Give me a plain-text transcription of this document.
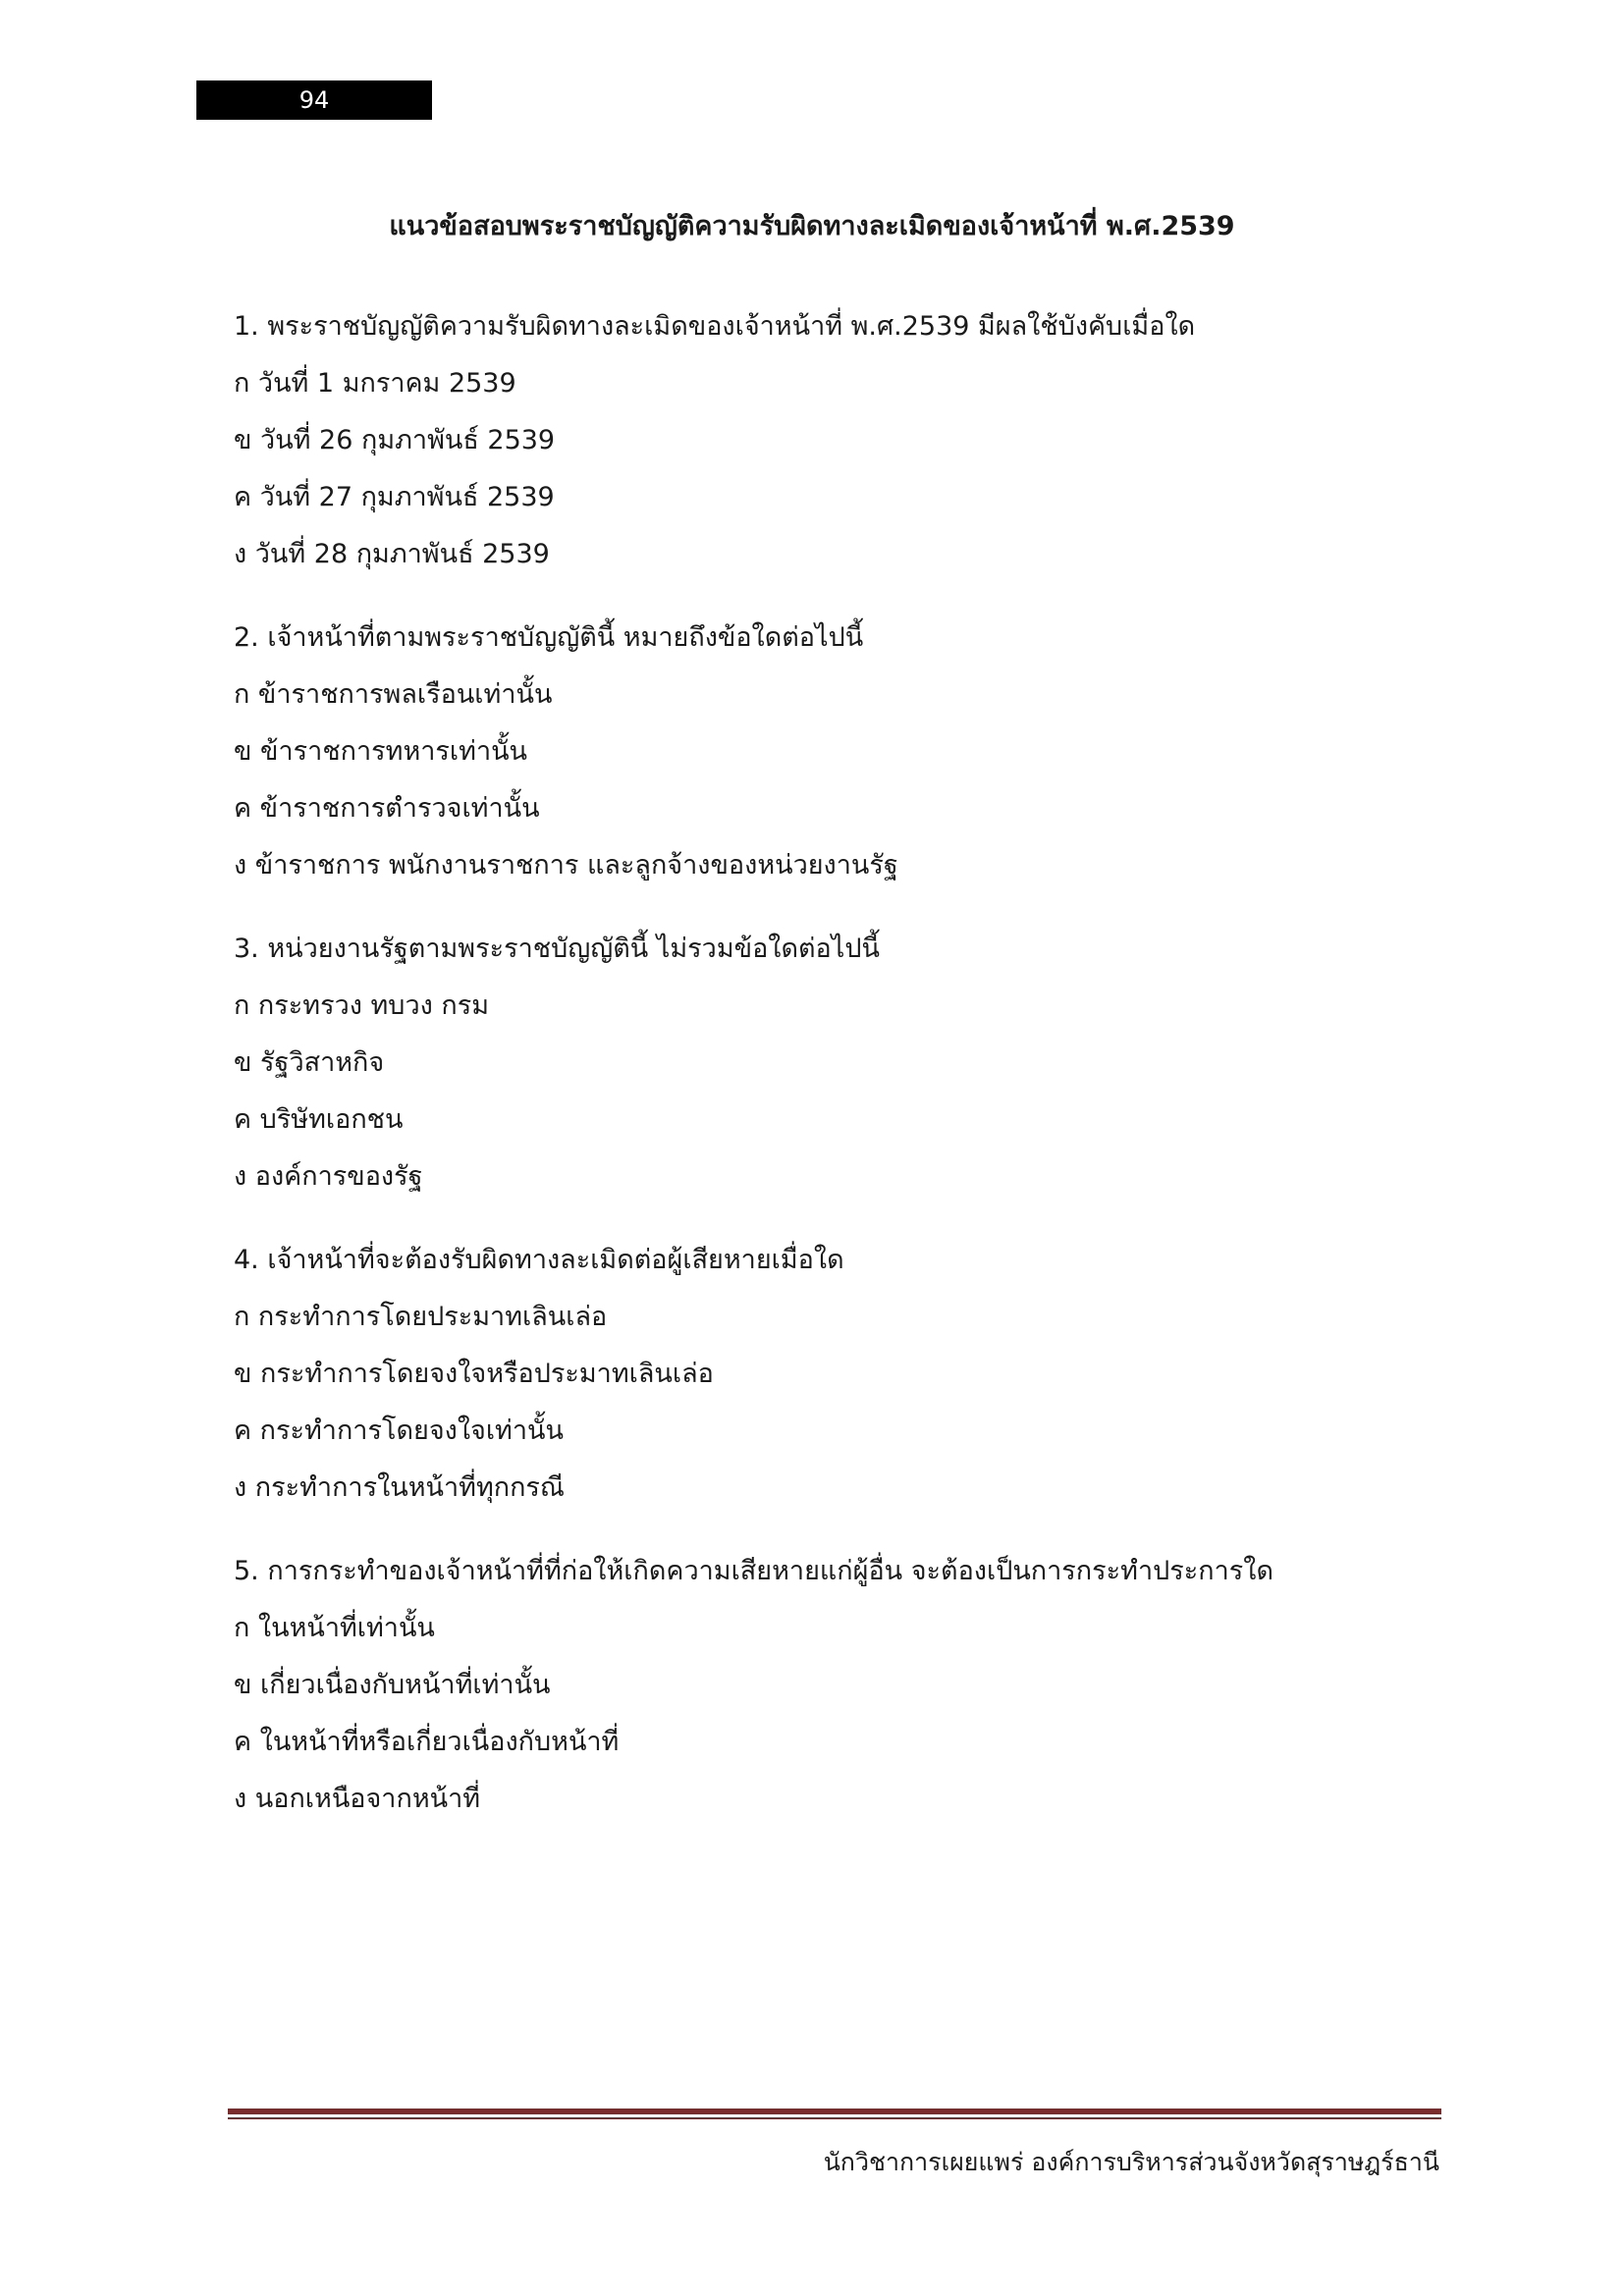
94
แนวข้อสอบพระราชบัญญัติความรับผิดทางละเมิดของเจ้าหน้าที่ พ.ศ.2539
1. พระราชบัญญัติความรับผิดทางละเมิดของเจ้าหน้าที่ พ.ศ.2539 มีผลใช้บังคับเมื่อใด
ก วันที่ 1 มกราคม 2539
ข วันที่ 26 กุมภาพันธ์ 2539
ค วันที่ 27 กุมภาพันธ์ 2539
ง วันที่ 28 กุมภาพันธ์ 2539
2. เจ้าหน้าที่ตามพระราชบัญญัตินี้ หมายถึงข้อใดต่อไปนี้
ก ข้าราชการพลเรือนเท่านั้น
ข ข้าราชการทหารเท่านั้น
ค ข้าราชการตำรวจเท่านั้น
ง ข้าราชการ พนักงานราชการ และลูกจ้างของหน่วยงานรัฐ
3. หน่วยงานรัฐตามพระราชบัญญัตินี้ ไม่รวมข้อใดต่อไปนี้
ก กระทรวง ทบวง กรม
ข รัฐวิสาหกิจ
ค บริษัทเอกชน
ง องค์การของรัฐ
4. เจ้าหน้าที่จะต้องรับผิดทางละเมิดต่อผู้เสียหายเมื่อใด
ก กระทำการโดยประมาทเลินเล่อ
ข กระทำการโดยจงใจหรือประมาทเลินเล่อ
ค กระทำการโดยจงใจเท่านั้น
ง กระทำการในหน้าที่ทุกกรณี
5. การกระทำของเจ้าหน้าที่ที่ก่อให้เกิดความเสียหายแก่ผู้อื่น จะต้องเป็นการกระทำประการใด
ก ในหน้าที่เท่านั้น
ข เกี่ยวเนื่องกับหน้าที่เท่านั้น
ค ในหน้าที่หรือเกี่ยวเนื่องกับหน้าที่
ง นอกเหนือจากหน้าที่
นักวิชาการเผยแพร่ องค์การบริหารส่วนจังหวัดสุราษฎร์ธานี
